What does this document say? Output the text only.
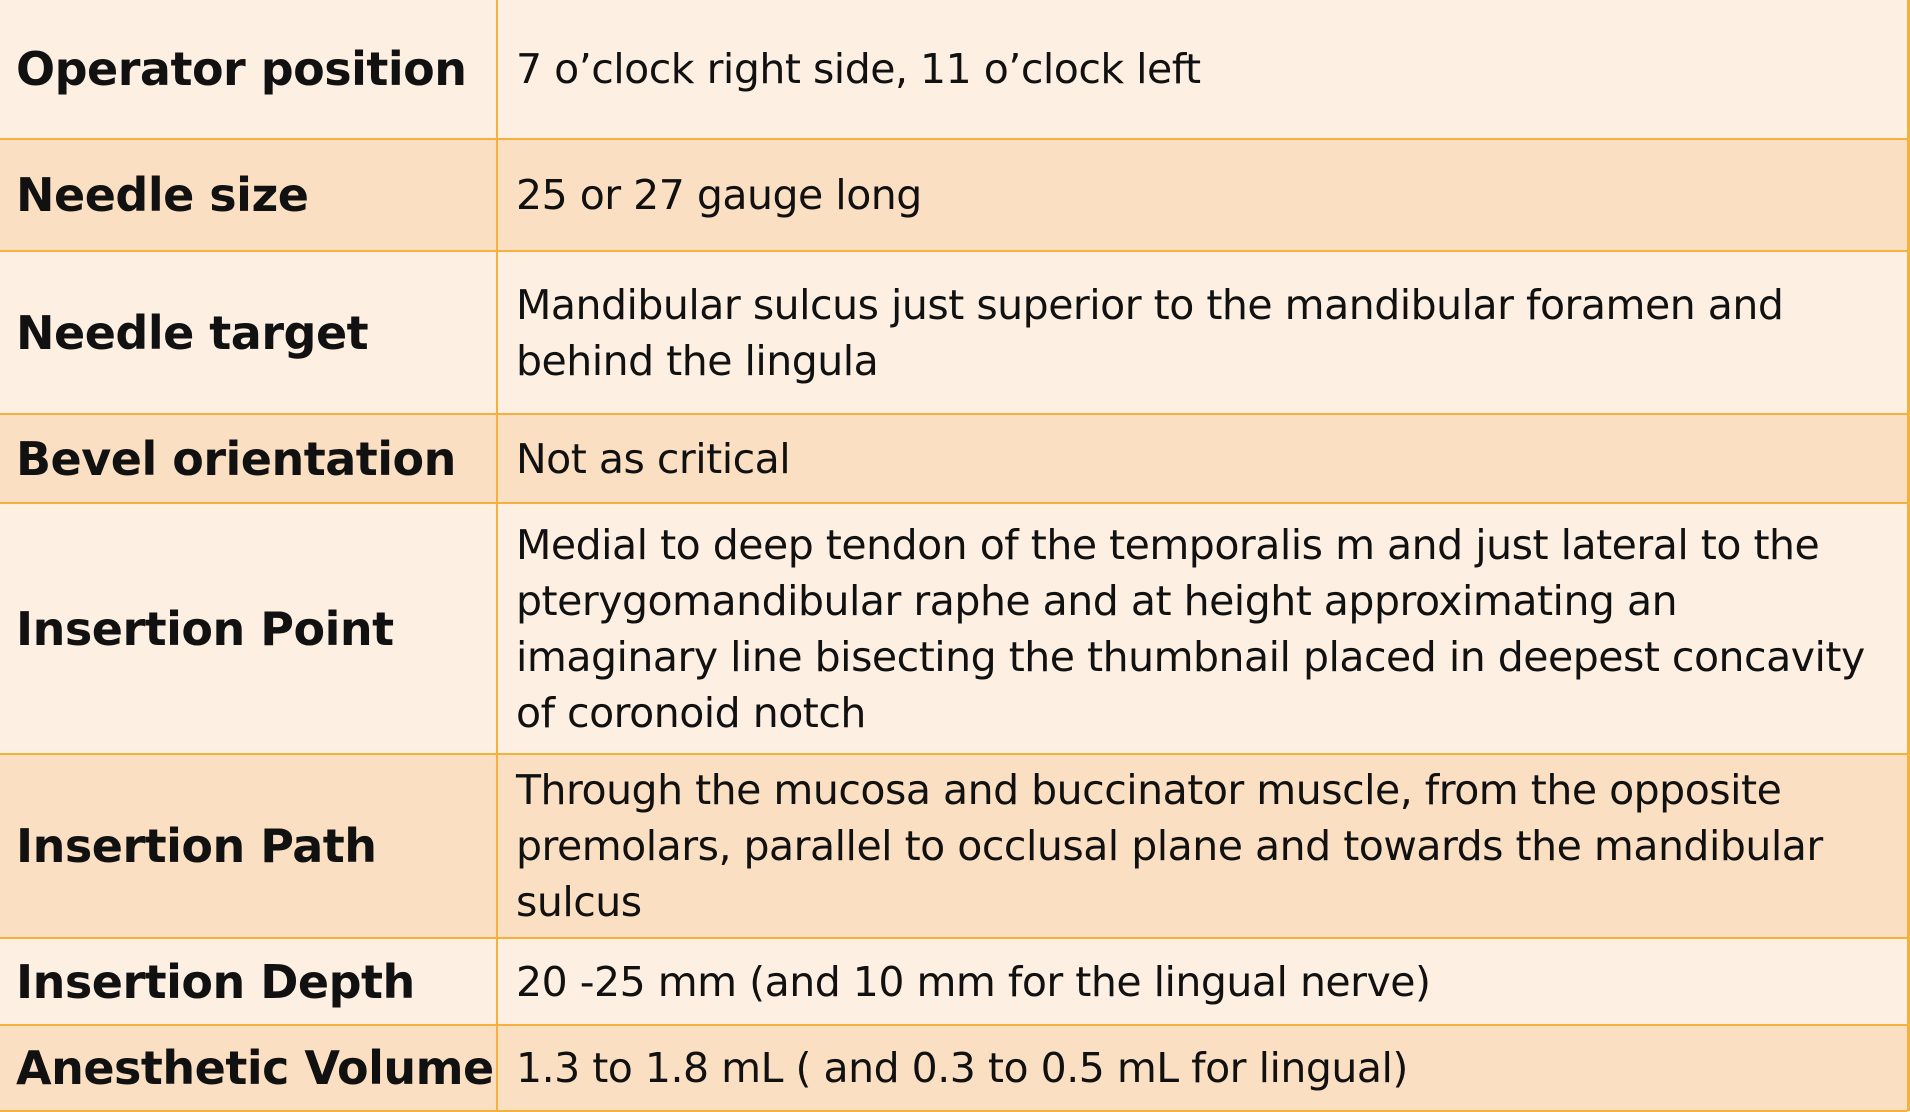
Operator position	7 o’clock right side, 11 o’clock left

Needle size	25 or 27 gauge long

Needle target	Mandibular sulcus just superior to the mandibular foramen and behind the lingula

Bevel orientation	Not as critical

Insertion Point	Medial to deep tendon of the temporalis m and just lateral to the pterygomandibular raphe and at height approximating an imaginary line bisecting the thumbnail placed in deepest concavity of coronoid notch

Insertion Path	Through the mucosa and buccinator muscle, from the opposite premolars, parallel to occlusal plane and towards the mandibular sulcus

Insertion Depth	20 -25 mm (and 10 mm for the lingual nerve)

Anesthetic Volume	1.3 to 1.8 mL ( and 0.3 to 0.5 mL for lingual)
